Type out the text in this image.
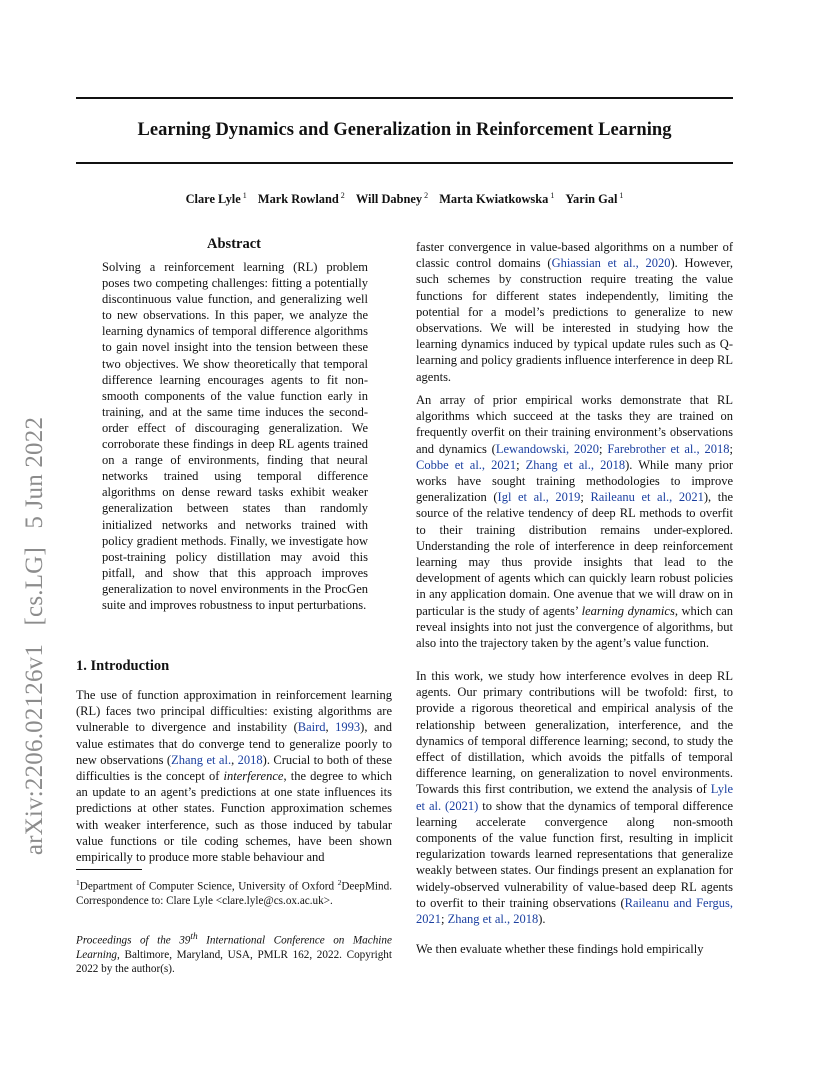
Learning Dynamics and Generalization in Reinforcement Learning
Clare Lyle $^1$ Mark Rowland $^2$ Will Dabney $^2$ Marta Kwiatkowska $^1$ Yarin Gal $^1$
arXiv:2206.02126v1 [cs.LG] 5 Jun 2022
Abstract
Solving a reinforcement learning (RL) problem poses two competing challenges: fitting a potentially discontinuous value function, and generalizing well to new observations. In this paper, we analyze the learning dynamics of temporal difference algorithms to gain novel insight into the tension between these two objectives. We show theoretically that temporal difference learning encourages agents to fit non-smooth components of the value function early in training, and at the same time induces the second-order effect of discouraging generalization. We corroborate these findings in deep RL agents trained on a range of environments, finding that neural networks trained using temporal difference algorithms on dense reward tasks exhibit weaker generalization between states than randomly initialized networks and networks trained with policy gradient methods. Finally, we investigate how post-training policy distillation may avoid this pitfall, and show that this approach improves generalization to novel environments in the ProcGen suite and improves robustness to input perturbations.
1. Introduction

The use of function approximation in reinforcement learning (RL) faces two principal difficulties: existing algorithms are vulnerable to divergence and instability (Baird, 1993), and value estimates that do converge tend to generalize poorly to new observations (Zhang et al., 2018). Crucial to both of these difficulties is the concept of interference, the degree to which an update to an agent’s predictions at one state influences its predictions at other states. Function approximation schemes with weaker interference, such as those induced by tabular value functions or tile coding schemes, have been shown empirically to produce more stable behaviour and

$^1$Department of Computer Science, University of Oxford $^2$DeepMind. Correspondence to: Clare Lyle <clare.lyle@cs.ox.ac.uk>.
Proceedings of the 39th International Conference on Machine Learning, Baltimore, Maryland, USA, PMLR 162, 2022. Copyright 2022 by the author(s).

faster convergence in value-based algorithms on a number of classic control domains (Ghiassian et al., 2020). However, such schemes by construction require treating the value functions for different states independently, limiting the potential for a model’s predictions to generalize to new observations. We will be interested in studying how the learning dynamics induced by typical update rules such as Q-learning and policy gradients influence interference in deep RL agents.

An array of prior empirical works demonstrate that RL algorithms which succeed at the tasks they are trained on frequently overfit on their training environment’s observations and dynamics (Lewandowski, 2020; Farebrother et al., 2018; Cobbe et al., 2021; Zhang et al., 2018). While many prior works have sought training methodologies to improve generalization (Igl et al., 2019; Raileanu et al., 2021), the source of the relative tendency of deep RL methods to overfit to their training distribution remains under-explored. Understanding the role of interference in deep reinforcement learning may thus provide insights that lead to the development of agents which can quickly learn robust policies in any application domain. One avenue that we will draw on in particular is the study of agents’ learning dynamics, which can reveal insights into not just the convergence of algorithms, but also into the trajectory taken by the agent’s value function.

In this work, we study how interference evolves in deep RL agents. Our primary contributions will be twofold: first, to provide a rigorous theoretical and empirical analysis of the relationship between generalization, interference, and the dynamics of temporal difference learning; second, to study the effect of distillation, which avoids the pitfalls of temporal difference learning, on generalization to novel environments. Towards this first contribution, we extend the analysis of Lyle et al. (2021) to show that the dynamics of temporal difference learning accelerate convergence along non-smooth components of the value function first, resulting in implicit regularization towards learned representations that generalize weakly between states. Our findings present an explanation for widely-observed vulnerability of value-based deep RL agents to overfit to their training observations (Raileanu and Fergus, 2021; Zhang et al., 2018).

We then evaluate whether these findings hold empirically
